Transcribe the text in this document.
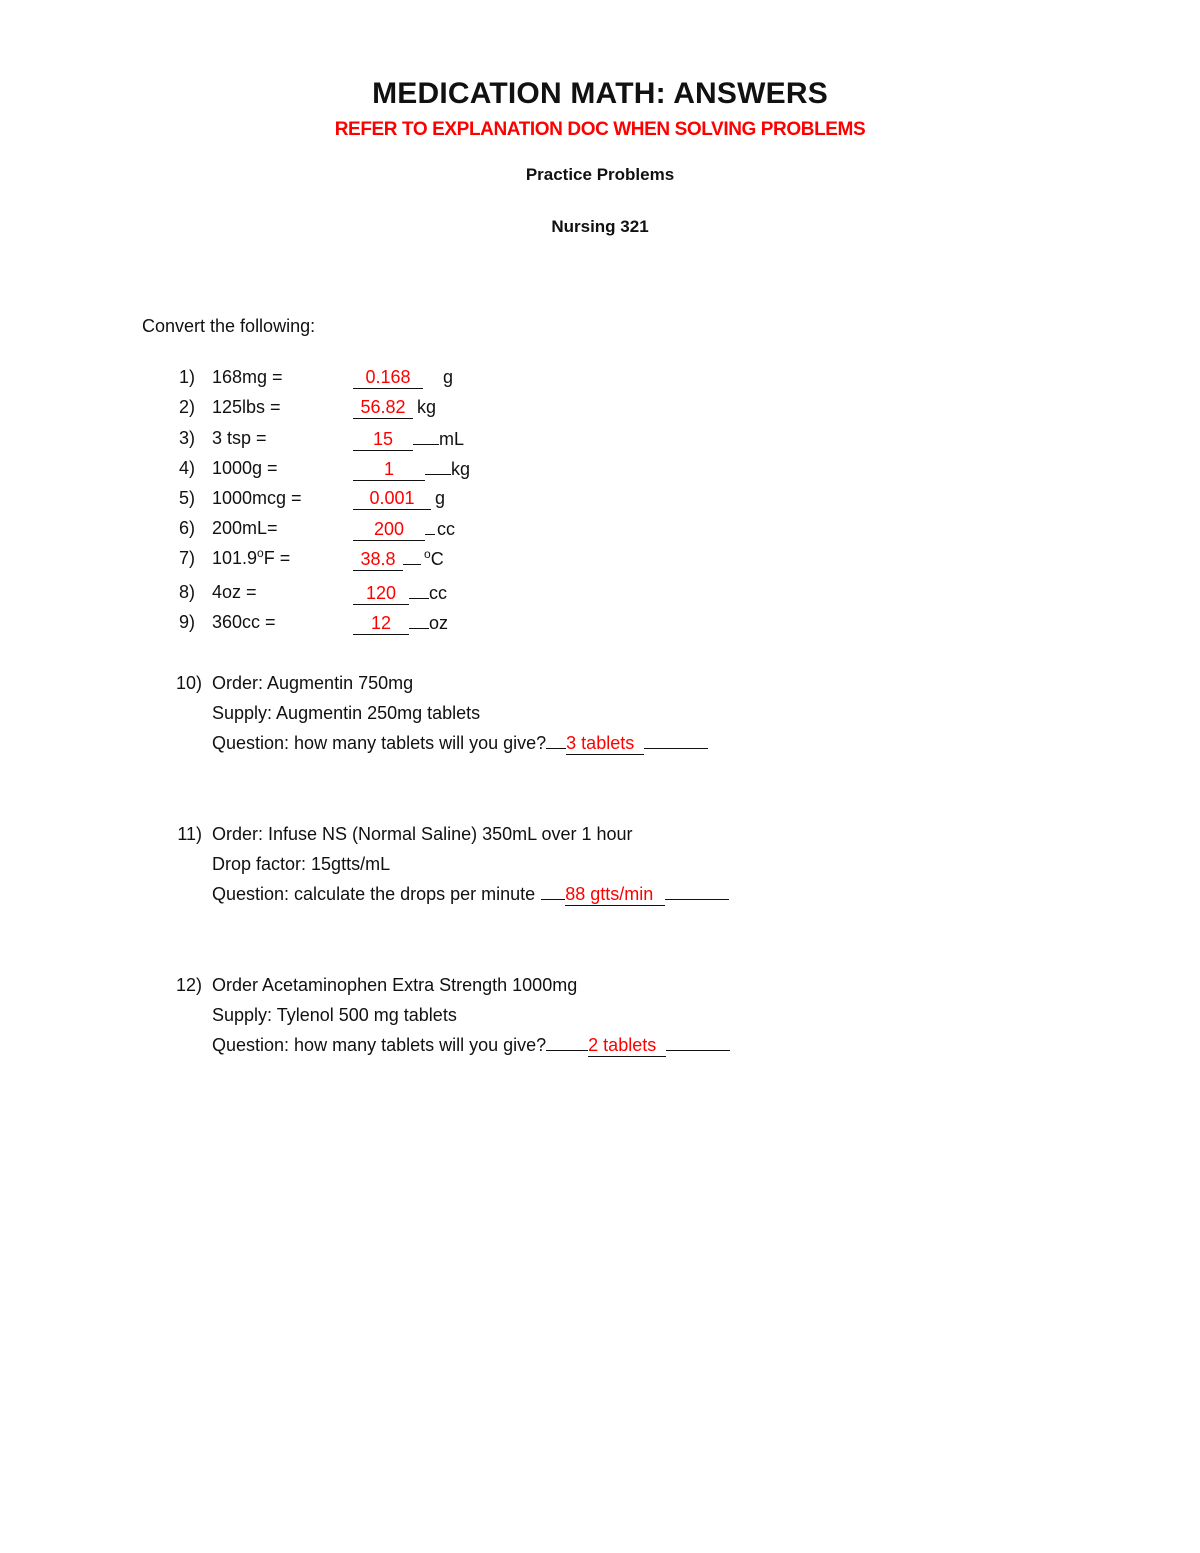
MEDICATION MATH: ANSWERS
REFER TO EXPLANATION DOC WHEN SOLVING PROBLEMS
Practice Problems
Nursing 321
Convert the following:
1) 168mg =	0.168 g
2) 125lbs =	56.82 kg
3) 3 tsp =	15	mL
4) 1000g =	1	kg
5) 1000mcg =	0.001 g
6) 200mL=	200 cc
7) $101.9^oF$ =	38.8 $^o$C
8) 4oz =	120 cc
9) 360cc =	12 oz
10) Order: Augmentin 750mg
Supply: Augmentin 250mg tablets
Question: how many tablets will you give? 3 tablets
11) Order: Infuse NS (Normal Saline) 350mL over 1 hour
Drop factor: 15gtts/mL
Question: calculate the drops per minute 88 gtts/min
12) Order Acetaminophen Extra Strength 1000mg
Supply: Tylenol 500 mg tablets
Question: how many tablets will you give? 2 tablets
